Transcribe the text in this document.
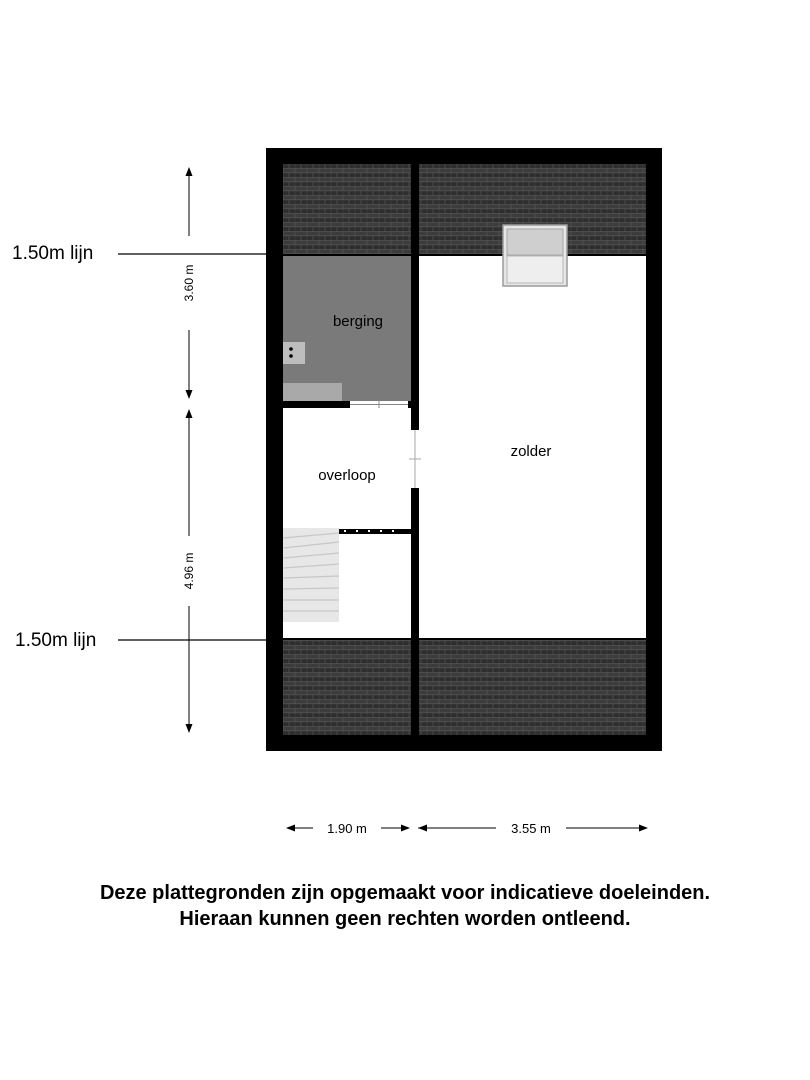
berging
overloop
zolder
1.50m lijn
1.50m lijn
3.60 m
4.96 m
1.90 m	3.55 m
Deze plattegronden zijn opgemaakt voor indicatieve doeleinden.
Hieraan kunnen geen rechten worden ontleend.
